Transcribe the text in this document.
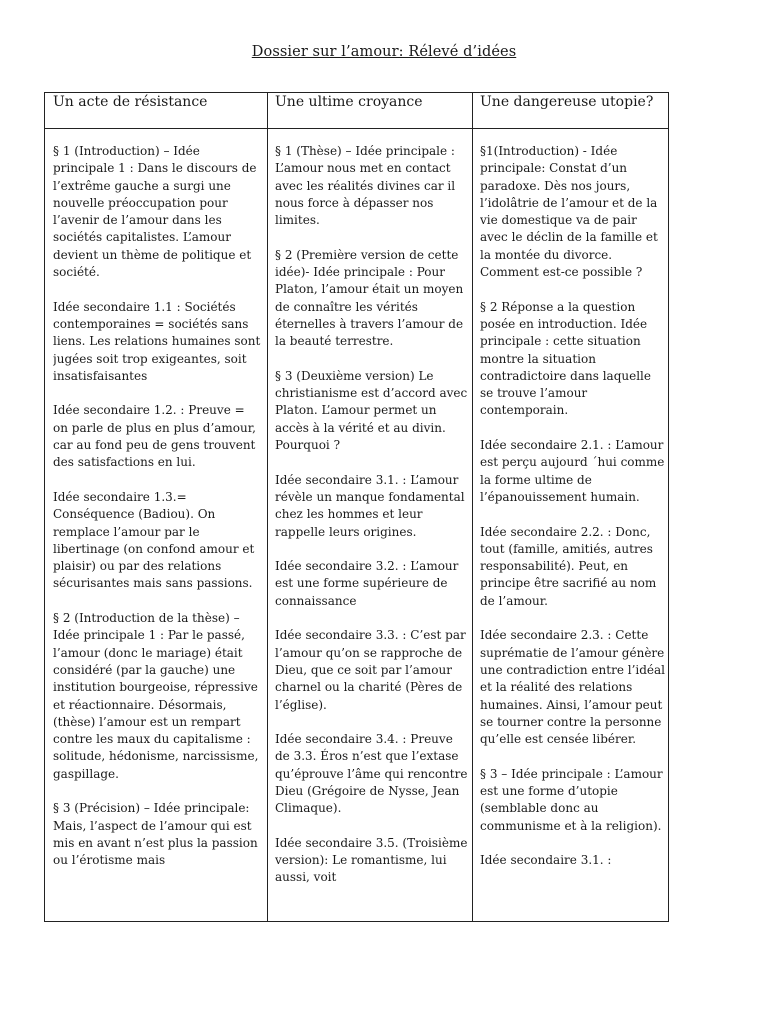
Dossier sur l’amour: Rélevé d’idées
Un acte de résistance	Une ultime croyance	Une dangereuse utopie?

§ 1 (Introduction) – Idée principale 1 : Dans le discours de l’extrême gauche a surgi une nouvelle préoccupation pour l’avenir de l’amour dans les sociétés capitalistes. L’amour devient un thème de politique et société.

Idée secondaire 1.1 : Sociétés contemporaines = sociétés sans liens. Les relations humaines sont jugées soit trop exigeantes, soit insatisfaisantes

Idée secondaire 1.2. : Preuve = on parle de plus en plus d’amour, car au fond peu de gens trouvent des satisfactions en lui.

Idée secondaire 1.3.= Conséquence (Badiou). On remplace l’amour par le libertinage (on confond amour et plaisir) ou par des relations sécurisantes mais sans passions.

§ 2 (Introduction de la thèse) – Idée principale 1 : Par le passé, l’amour (donc le mariage) était considéré (par la gauche) une institution bourgeoise, répressive et réactionnaire. Désormais, (thèse) l’amour est un rempart contre les maux du capitalisme : solitude, hédonisme, narcissisme, gaspillage.

§ 3 (Précision) – Idée principale: Mais, l’aspect de l’amour qui est mis en avant n’est plus la passion ou l’érotisme mais

§ 1 (Thèse) – Idée principale : L’amour nous met en contact avec les réalités divines car il nous force à dépasser nos limites.

§ 2 (Première version de cette idée)- Idée principale : Pour Platon, l’amour était un moyen de connaître les vérités éternelles à travers l’amour de la beauté terrestre.

§ 3 (Deuxième version) Le christianisme est d’accord avec Platon. L’amour permet un accès à la vérité et au divin. Pourquoi ?

Idée secondaire 3.1. : L’amour révèle un manque fondamental chez les hommes et leur rappelle leurs origines.

Idée secondaire 3.2. : L’amour est une forme supérieure de connaissance

Idée secondaire 3.3. : C’est par l’amour qu’on se rapproche de Dieu, que ce soit par l’amour charnel ou la charité (Pères de l’église).

Idée secondaire 3.4. : Preuve de 3.3. Éros n’est que l’extase qu’éprouve l’âme qui rencontre Dieu (Grégoire de Nysse, Jean Climaque).

Idée secondaire 3.5. (Troisième version): Le romantisme, lui aussi, voit

§1(Introduction) - Idée principale: Constat d’un paradoxe. Dès nos jours, l’idolâtrie de l’amour et de la vie domestique va de pair avec le déclin de la famille et la montée du divorce. Comment est-ce possible ?

§ 2 Réponse a la question posée en introduction. Idée principale : cette situation montre la situation contradictoire dans laquelle se trouve l’amour contemporain.

Idée secondaire 2.1. : L’amour est perçu aujourd ´hui comme la forme ultime de l’épanouissement humain.

Idée secondaire 2.2. : Donc, tout (famille, amitiés, autres responsabilité). Peut, en principe être sacrifié au nom de l’amour.

Idée secondaire 2.3. : Cette suprématie de l’amour génère une contradiction entre l’idéal et la réalité des relations humaines. Ainsi, l’amour peut se tourner contre la personne qu’elle est censée libérer.

§ 3 – Idée principale : L’amour est une forme d’utopie (semblable donc au communisme et à la religion).

Idée secondaire 3.1. :
